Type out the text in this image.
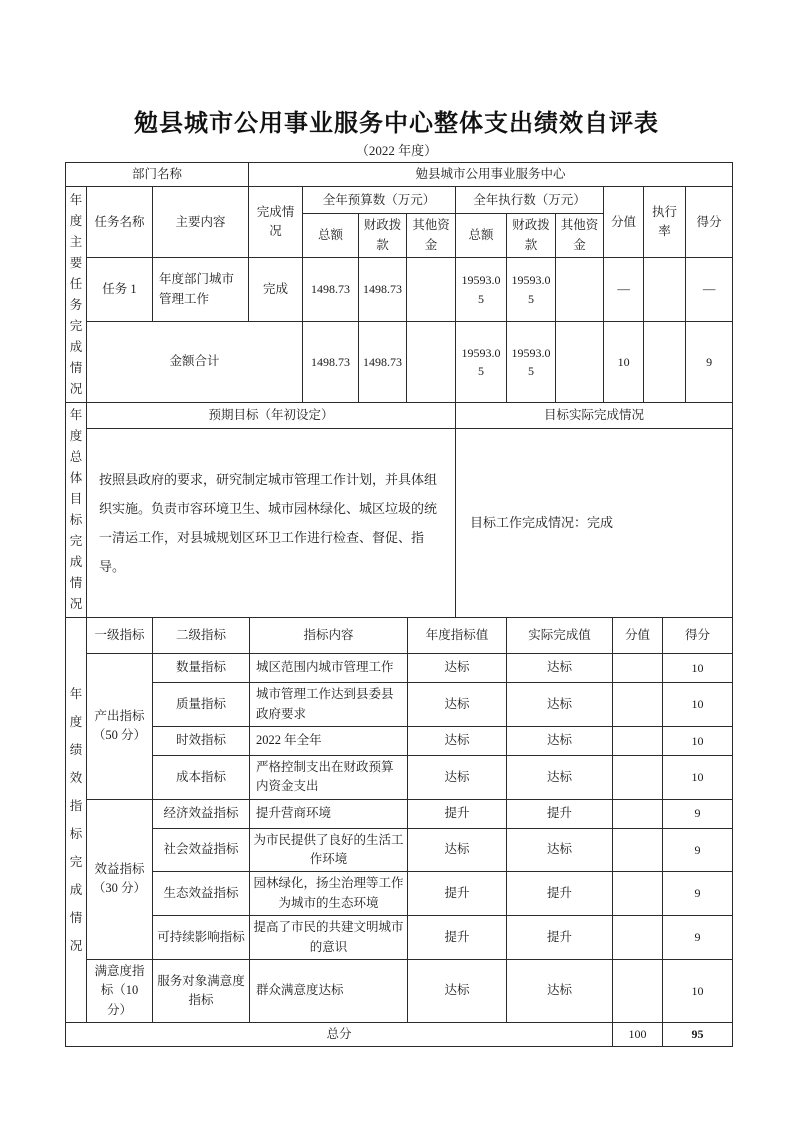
勉县城市公用事业服务中心整体支出绩效自评表
（2022 年度）
部门名称	勉县城市公用事业服务中心
年度主要任务完成情况	任务名称	主要内容	完成情况	全年预算数（万元）			全年执行数（万元）			分值	执行率	得分
				总额	财政拨款	其他资金	总额	财政拨款	其他资金			
	任务 1	年度部门城市管理工作	完成	1498.73	1498.73		19593.05	19593.05		—		—
	金额合计			1498.73	1498.73		19593.05	19593.05		10		9
年度总体目标完成情况	预期目标（年初设定）	目标实际完成情况
	按照县政府的要求，研究制定城市管理工作计划，并具体组织实施。负责市容环境卫生、城市园林绿化、城区垃圾的统一清运工作，对县城规划区环卫工作进行检查、督促、指导。	目标工作完成情况：完成
年度绩效指标完成情况	一级指标	二级指标	指标内容	年度指标值	实际完成值	分值	得分
	产出指标（50 分）	数量指标	城区范围内城市管理工作	达标	达标		10
		质量指标	城市管理工作达到县委县政府要求	达标	达标		10
		时效指标	2022 年全年	达标	达标		10
		成本指标	严格控制支出在财政预算内资金支出	达标	达标		10
	效益指标（30 分）	经济效益指标	提升营商环境	提升	提升		9
		社会效益指标	为市民提供了良好的生活工作环境	达标	达标		9
		生态效益指标	园林绿化，扬尘治理等工作为城市的生态环境	提升	提升		9
		可持续影响指标	提高了市民的共建文明城市的意识	提升	提升		9
	满意度指标（10 分）	服务对象满意度指标	群众满意度达标	达标	达标		10
总分						100	95
